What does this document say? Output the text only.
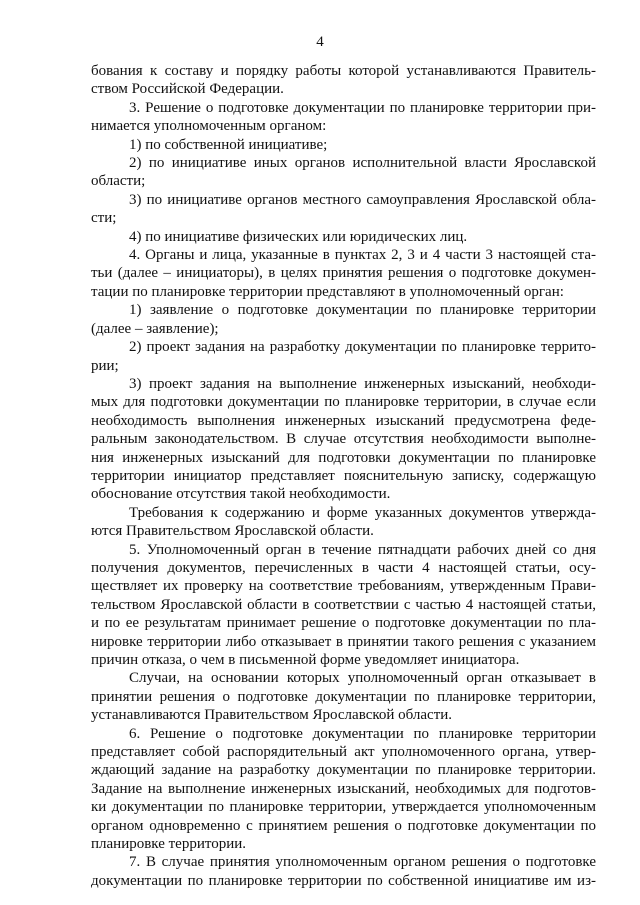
4
бования к составу и порядку работы которой устанавливаются Правитель-
ством Российской Федерации.
3. Решение о подготовке документации по планировке территории при-
нимается уполномоченным органом:
1) по собственной инициативе;
2) по инициативе иных органов исполнительной власти Ярославской
области;
3) по инициативе органов местного самоуправления Ярославской обла-
сти;
4) по инициативе физических или юридических лиц.
4. Органы и лица, указанные в пунктах 2, 3 и 4 части 3 настоящей ста-
тьи (далее – инициаторы), в целях принятия решения о подготовке докумен-
тации по планировке территории представляют в уполномоченный орган:
1) заявление о подготовке документации по планировке территории
(далее – заявление);
2) проект задания на разработку документации по планировке террито-
рии;
3) проект задания на выполнение инженерных изысканий, необходи-
мых для подготовки документации по планировке территории, в случае если
необходимость выполнения инженерных изысканий предусмотрена феде-
ральным законодательством. В случае отсутствия необходимости выполне-
ния инженерных изысканий для подготовки документации по планировке
территории инициатор представляет пояснительную записку, содержащую
обоснование отсутствия такой необходимости.
Требования к содержанию и форме указанных документов утвержда-
ются Правительством Ярославской области.
5. Уполномоченный орган в течение пятнадцати рабочих дней со дня
получения документов, перечисленных в части 4 настоящей статьи, осу-
ществляет их проверку на соответствие требованиям, утвержденным Прави-
тельством Ярославской области в соответствии с частью 4 настоящей статьи,
и по ее результатам принимает решение о подготовке документации по пла-
нировке территории либо отказывает в принятии такого решения с указанием
причин отказа, о чем в письменной форме уведомляет инициатора.
Случаи, на основании которых уполномоченный орган отказывает в
принятии решения о подготовке документации по планировке территории,
устанавливаются Правительством Ярославской области.
6. Решение о подготовке документации по планировке территории
представляет собой распорядительный акт уполномоченного органа, утвер-
ждающий задание на разработку документации по планировке территории.
Задание на выполнение инженерных изысканий, необходимых для подготов-
ки документации по планировке территории, утверждается уполномоченным
органом одновременно с принятием решения о подготовке документации по
планировке территории.
7. В случае принятия уполномоченным органом решения о подготовке
документации по планировке территории по собственной инициативе им из-
